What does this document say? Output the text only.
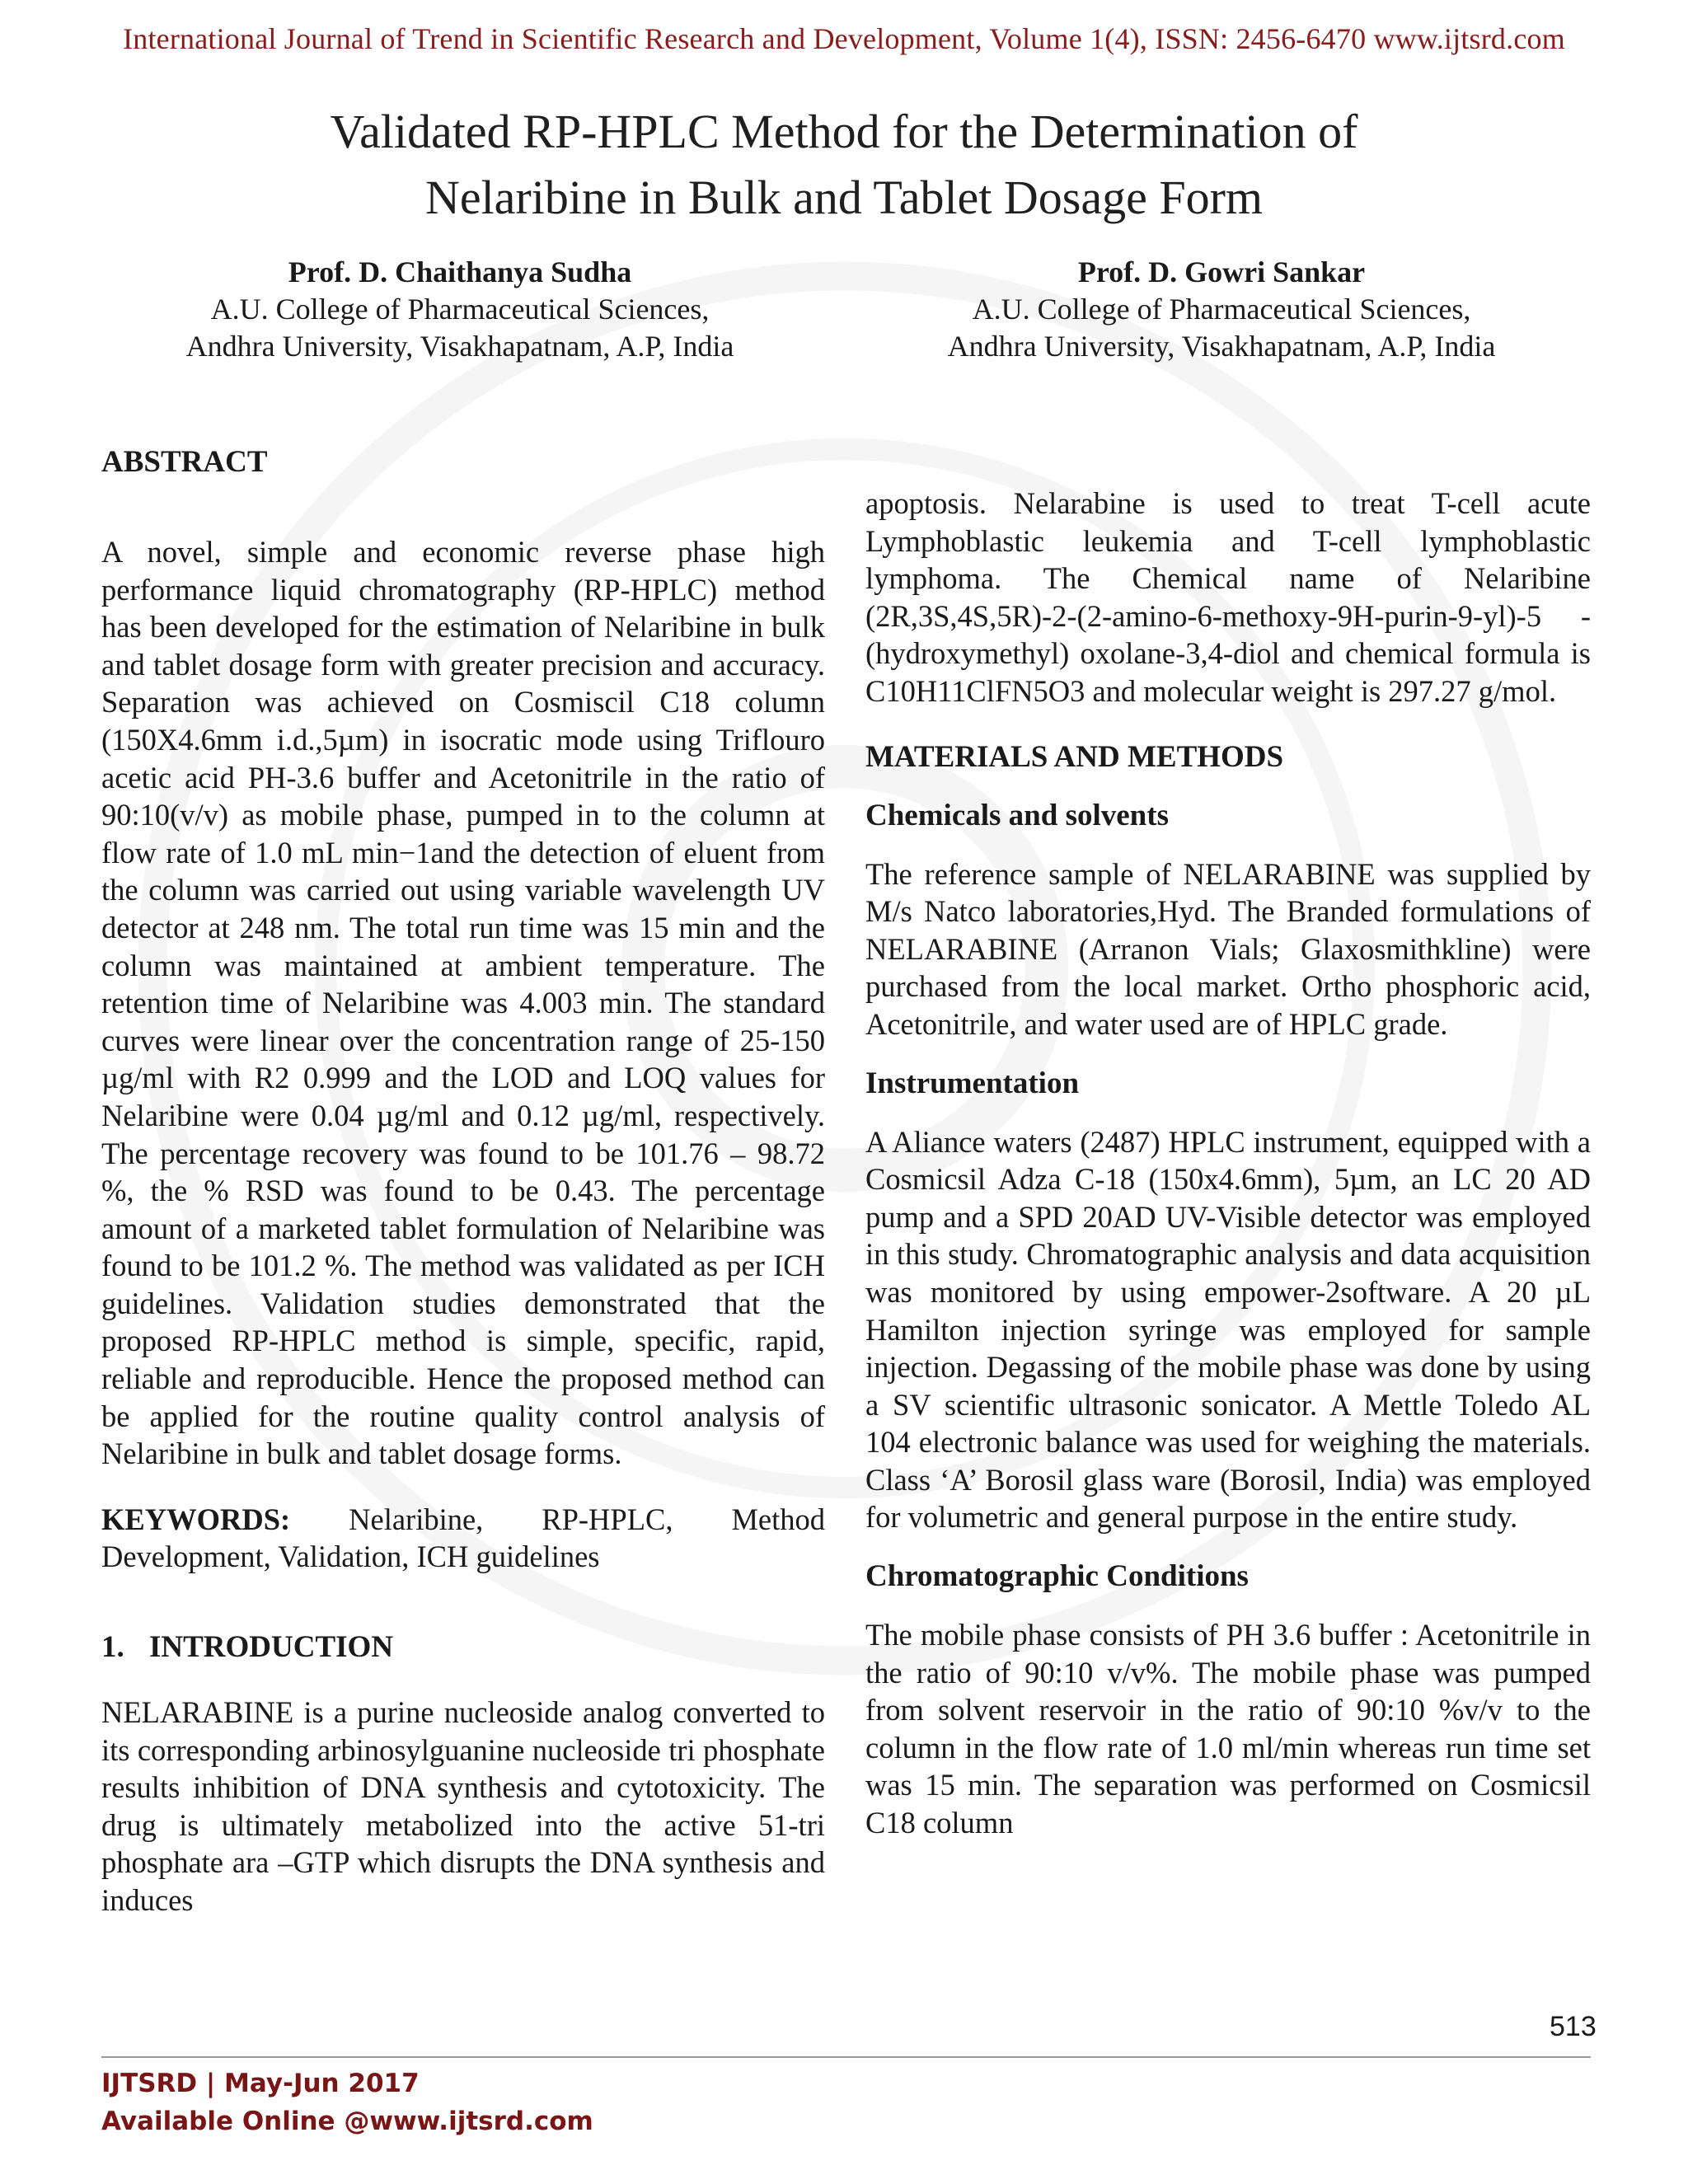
International Journal of Trend in Scientific Research and Development, Volume 1(4), ISSN: 2456-6470 www.ijtsrd.com
Validated RP-HPLC Method for the Determination of
Nelaribine in Bulk and Tablet Dosage Form
Prof. D. Chaithanya Sudha
A.U. College of Pharmaceutical Sciences,
Andhra University, Visakhapatnam, A.P, India
Prof. D. Gowri Sankar
A.U. College of Pharmaceutical Sciences,
Andhra University, Visakhapatnam, A.P, India
ABSTRACT

A novel, simple and economic reverse phase high performance liquid chromatography (RP-HPLC) method has been developed for the estimation of Nelaribine in bulk and tablet dosage form with greater precision and accuracy. Separation was achieved on Cosmiscil C18 column (150X4.6mm i.d.,5µm) in isocratic mode using Triflouro acetic acid PH-3.6 buffer and Acetonitrile in the ratio of 90:10(v/v) as mobile phase, pumped in to the column at flow rate of 1.0 mL min−1and the detection of eluent from the column was carried out using variable wavelength UV detector at 248 nm. The total run time was 15 min and the column was maintained at ambient temperature. The retention time of Nelaribine was 4.003 min. The standard curves were linear over the concentration range of 25-150 µg/ml with R2 0.999 and the LOD and LOQ values for Nelaribine were 0.04 µg/ml and 0.12 µg/ml, respectively. The percentage recovery was found to be 101.76 – 98.72 %, the % RSD was found to be 0.43. The percentage amount of a marketed tablet formulation of Nelaribine was found to be 101.2 %. The method was validated as per ICH guidelines. Validation studies demonstrated that the proposed RP-HPLC method is simple, specific, rapid, reliable and reproducible. Hence the proposed method can be applied for the routine quality control analysis of Nelaribine in bulk and tablet dosage forms.

KEYWORDS: Nelaribine, RP-HPLC, Method Development, Validation, ICH guidelines

1. INTRODUCTION

NELARABINE is a purine nucleoside analog converted to its corresponding arbinosylguanine nucleoside tri phosphate results inhibition of DNA synthesis and cytotoxicity. The drug is ultimately metabolized into the active 51-tri phosphate ara –GTP which disrupts the DNA synthesis and induces

apoptosis. Nelarabine is used to treat T-cell acute Lymphoblastic leukemia and T-cell lymphoblastic lymphoma. The Chemical name of Nelaribine (2R,3S,4S,5R)-2-(2-amino-6-methoxy-9H-purin-9-yl)-5 -(hydroxymethyl) oxolane-3,4-diol and chemical formula is C10H11ClFN5O3 and molecular weight is 297.27 g/mol.

MATERIALS AND METHODS
Chemicals and solvents

The reference sample of NELARABINE was supplied by M/s Natco laboratories,Hyd. The Branded formulations of NELARABINE (Arranon Vials; Glaxosmithkline) were purchased from the local market. Ortho phosphoric acid, Acetonitrile, and water used are of HPLC grade.

Instrumentation

A Aliance waters (2487) HPLC instrument, equipped with a Cosmicsil Adza C-18 (150x4.6mm), 5µm, an LC 20 AD pump and a SPD 20AD UV-Visible detector was employed in this study. Chromatographic analysis and data acquisition was monitored by using empower-2software. A 20 µL Hamilton injection syringe was employed for sample injection. Degassing of the mobile phase was done by using a SV scientific ultrasonic sonicator. A Mettle Toledo AL 104 electronic balance was used for weighing the materials. Class ‘A’ Borosil glass ware (Borosil, India) was employed for volumetric and general purpose in the entire study.

Chromatographic Conditions

The mobile phase consists of PH 3.6 buffer : Acetonitrile in the ratio of 90:10 v/v%. The mobile phase was pumped from solvent reservoir in the ratio of 90:10 %v/v to the column in the flow rate of 1.0 ml/min whereas run time set was 15 min. The separation was performed on Cosmicsil C18 column

513
IJTSRD | May-Jun 2017
Available Online @www.ijtsrd.com
